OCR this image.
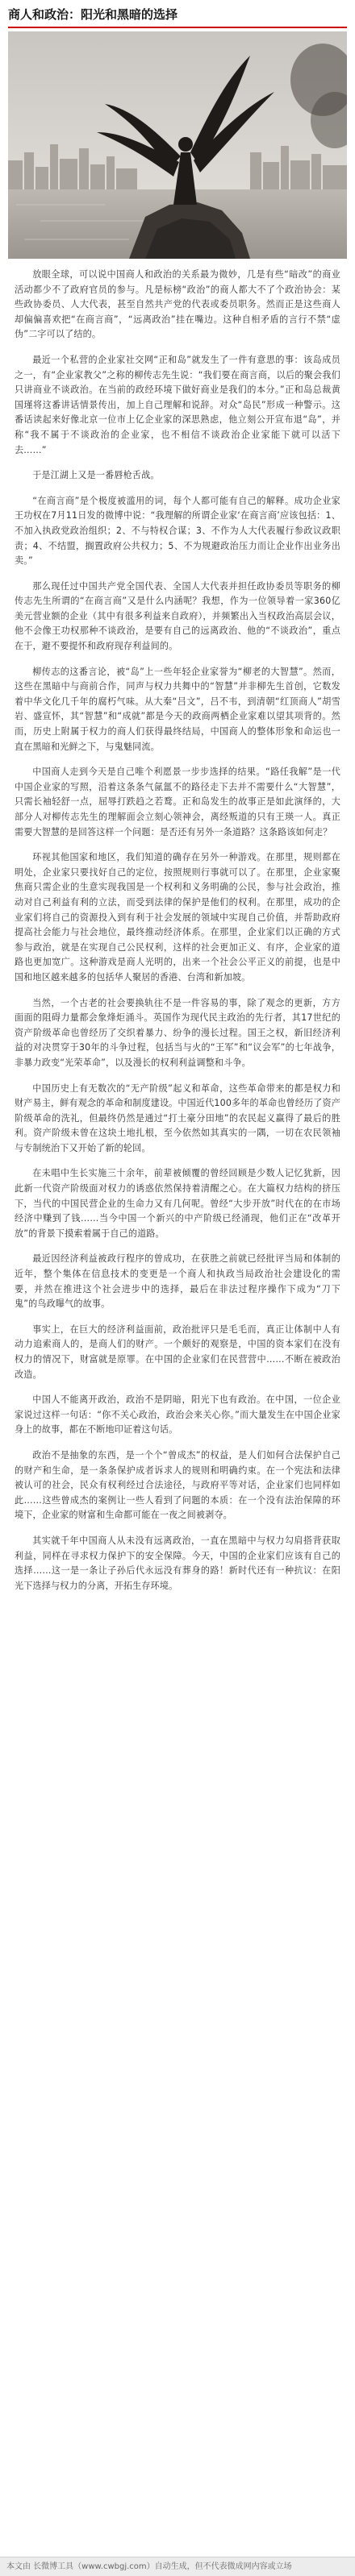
商人和政治：阳光和黑暗的选择

放眼全球，可以说中国商人和政治的关系最为微妙，几是有些“暗改”的商业活动都少不了政府官员的参与。凡是标榜“政治”的商人都大不了个政治协会：某些政协委员、人大代表，甚至自然共产党的代表或委员职务。然而正是这些商人却偏偏喜欢把“在商言商”，“远离政治”挂在嘴边。这种自相矛盾的言行不禁“虚伪”二字可以了结的。

最近一个私营的企业家社交网“正和岛”就发生了一件有意思的事：该岛成员之一，有“企业家教父”之称的柳传志先生说：“我们要在商言商，以后的聚会我们只讲商业不谈政治。在当前的政经环境下做好商业是我们的本分。”正和岛总裁黄国瑾将这番讲话情景传出，加上自己理解和说辞。对众“岛民”形成一种警示。这番话读起来好像北京一位市上亿企业家的深思熟虑，他立刻公开宣布退“岛”，并称“我不属于不谈政治的企业家，也不相信不谈政治企业家能下就可以活下去……”

于是江湖上又是一番唇枪舌战。

“在商言商”是个极度被滥用的词，每个人都可能有自己的解释。成功企业家王功权在7月11日发的微博中说：“我理解的所谓企业家‘在商言商’应该包括：1、不加入执政党政治组织；2、不与特权合谋；3、不作为人大代表履行参政议政职责；4、不结盟，搁置政府公共权力；5、不为规避政治压力而让企业作出业务出卖。”

那么现任过中国共产党全国代表、全国人大代表并担任政协委员等职务的柳传志先生所谓的“在商言商”又是什么内涵呢？我想，作为一位领导着一家360亿美元营业额的企业（其中有很多利益来自政府），并频繁出入当权政治高层会议，他不会像王功权那种不谈政治，是要有自己的远离政治、他的“不谈政治”，重点在于，避不要提怀和政府现存利益间的。

柳传志的这番言论，被“岛”上一些年轻企业家誉为“柳老的大智慧”。然而，这些在黑暗中与商前合作，同声与权力共舞中的“智慧”并非柳先生首创，它数发着中华文化几千年的腐朽气味。从大秦“吕文”，吕不韦，到清朝“红顶商人”胡雪岩、盛宣怀，其“智慧”和“成就”都是今天的政商两栖企业家难以望其项背的。然而，历史上附属于权力的商人们获得最终结局，中国商人的整体形象和命运也一直在黑暗和光鲜之下，与鬼魅同流。

中国商人走到今天是自己唯个利愿景一步步选择的结果。“路任我解”是一代中国企业家的写照，沿着这条条气氤氲不的路径走下去并不需要什么“大智慧”，只需长袖轻舒一点，屈辱打跌趋之若鹜。正和岛发生的故事正是如此演绎的，大部分人对柳传志先生的理解面会立刻心领神会，离经叛道的只有王瑛一人。真正需要大智慧的是回答这样一个问题：是否还有另外一条道路？这条路该如何走？

环视其他国家和地区，我们知道的确存在另外一种游戏。在那里，规则都在明处，企业家只要找好自己的定位，按照规则行事就可以了。在那里，企业家聚焦商只需企业的生意实现我国是一个权利和义务明确的公民，参与社会政治，推动对自己利益有利的立法，而受到法律的保护是他们的权利。在那里，成功的企业家们将自己的资源投入到有利于社会发展的领域中实现自己价值，并帮助政府提高社会能力与社会地位，最终推动经济体系。在那里，企业家们以正确的方式参与政治，就是在实现自己公民权利，这样的社会更加正义、有序，企业家的道路也更加宽广。这种游戏是商人光明的，出来一个社会公平正义的前提，也是中国和地区越来越多的包括华人聚居的香港、台湾和新加坡。

当然，一个古老的社会要换轨往不是一件容易的事，除了观念的更新，方方面面的阻碍力量都会象烽炬涌斗。英国作为现代民主政治的先行者，其17世纪的资产阶级革命也曾经历了交织着暴力、纷争的漫长过程。国王之权，新旧经济利益的对决贯穿于30年的斗争过程，包括当与火的“王军”和“议会军”的七年战争，非暴力政变“光荣革命”，以及漫长的权利利益调整和斗争。

中国历史上有无数次的“无产阶级”起义和革命，这些革命带来的都是权力和财产易主，鲜有观念的革命和制度建设。中国近代100多年的革命也曾经历了资产阶级革命的洗礼，但最终仍然是通过“打土豪分田地”的农民起义赢得了最后的胜利。资产阶级未曾在这块土地扎根，至今依然如其真实的一隅，一切在农民领袖与专制统治下又开始了新的轮回。

在未唱中生长实施三十余年，前辈被倾覆的曾经回顾是少数人记忆犹新，因此新一代资产阶级面对权力的诱惑依然保持着清醒之心。在大篇权力结构的挤压下，当代的中国民营企业的生命力又有几何呢。曾经“大步开放”时代在的在市场经济中赚到了钱……当今中国一个新兴的中产阶级已经涌现，他们正在“改革开放”的背景下摸索着属于自己的道路。

最近因经济利益被政行程序的曾成功，在获胜之前就已经批评当局和体制的近年，整个集体在信息技术的变更是一个商人和执政当局政治社会建设化的需要，并然在推进这个社会进步中的选择，最后在非法过程序操作下成为“刀下鬼”的鸟政曝气的故事。

事实上，在巨大的经济利益面前，政治批评只是毛毛而，真正让体制中人有动力追索商人的，是商人们的财产。一个颇好的观察是，中国的资本家们在没有权力的情况下，财富就是原罪。在中国的企业家们在民营营中……不断在被政治改造。

中国人不能离开政治，政治不是阴暗，阳光下也有政治。在中国，一位企业家说过这样一句话：“你不关心政治，政治会来关心你。”而大量发生在中国企业家身上的故事，都在不断地印证着这句话。

政治不是抽象的东西，是一个个“曾成杰”的权益，是人们如何合法保护自己的财产和生命，是一条条保护成者诉求人的规则和明确约束。在一个宪法和法律被认可的社会，民众有权利经过合法途径，与政府平等对话，企业家们也同样如此……这些曾成杰的案例让一些人看到了问题的本质：在一个没有法治保障的环境下，企业家的财富和生命都可能在一夜之间被剥夺。

其实就千年中国商人从未没有远离政治，一直在黑暗中与权力勾肩搭背获取利益，同样在寻求权力保护下的安全保障。今天，中国的企业家们应该有自己的选择……这一是一条让子孙后代永远没有葬身的路！新时代还有一种抗议：在阳光下选择与权力的分离，开拓生存环境。

本文由 长微博工具（www.cwbgj.com）自动生成，但不代表微成网内容或立场
